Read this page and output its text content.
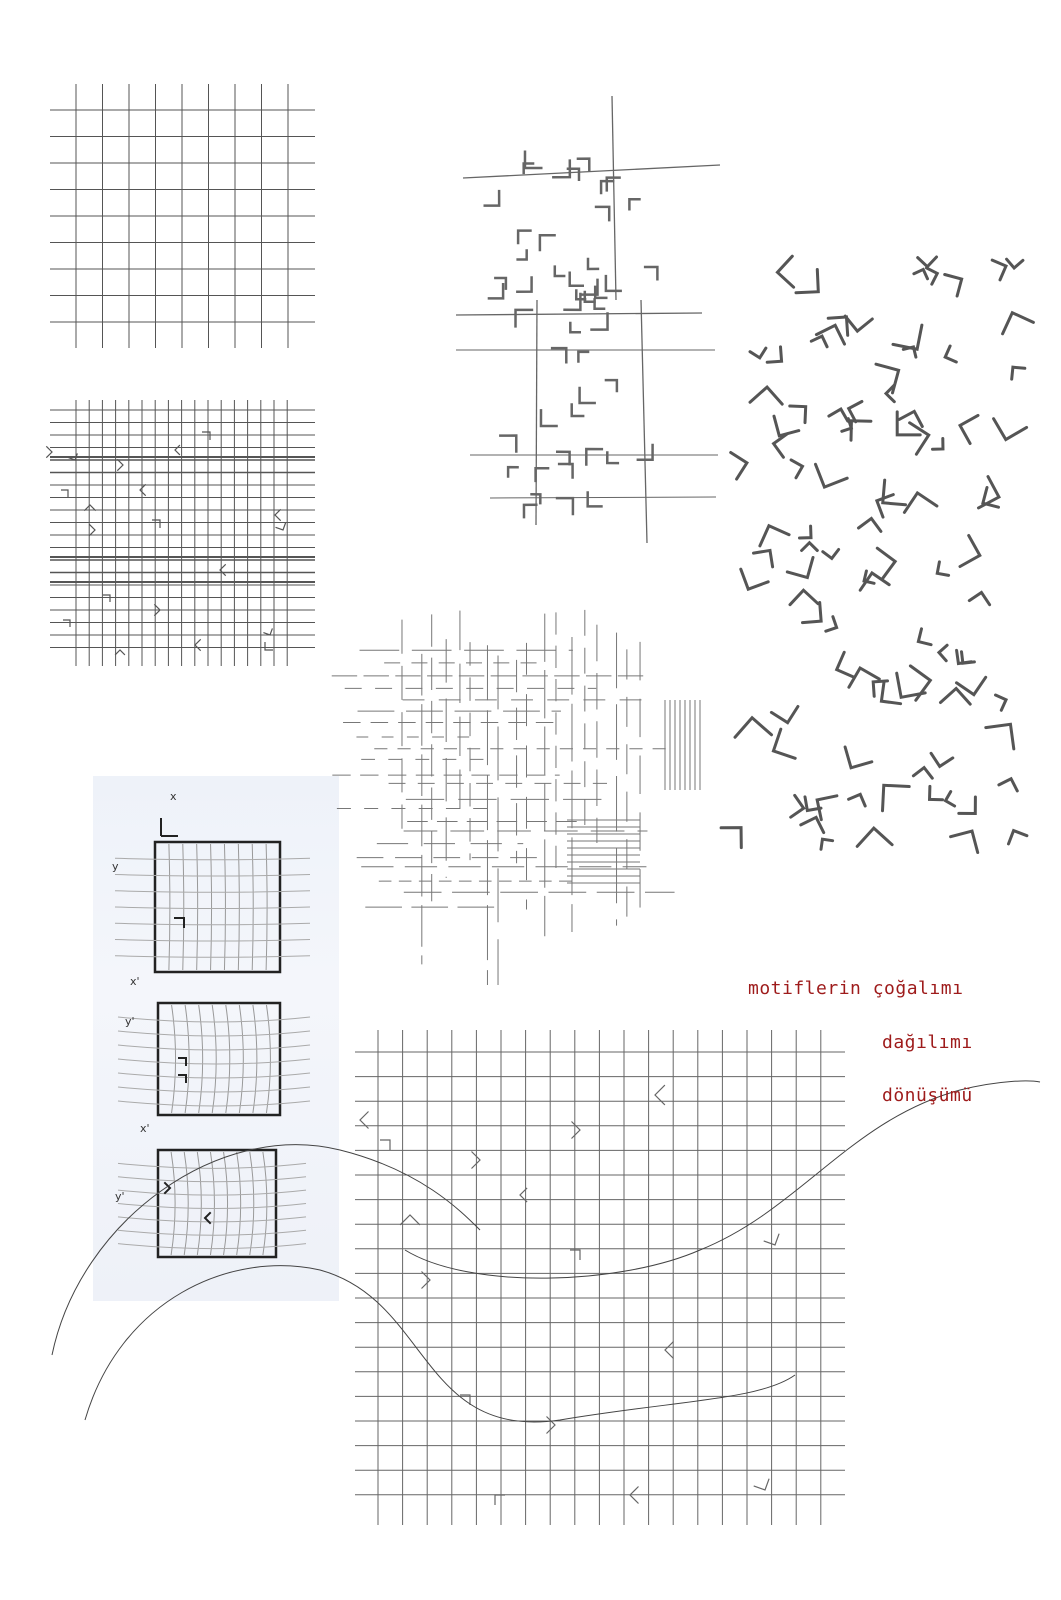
x
y
x'
y'
x'
y'
motiflerin çoğalımı
dağılımı
dönüşümü
